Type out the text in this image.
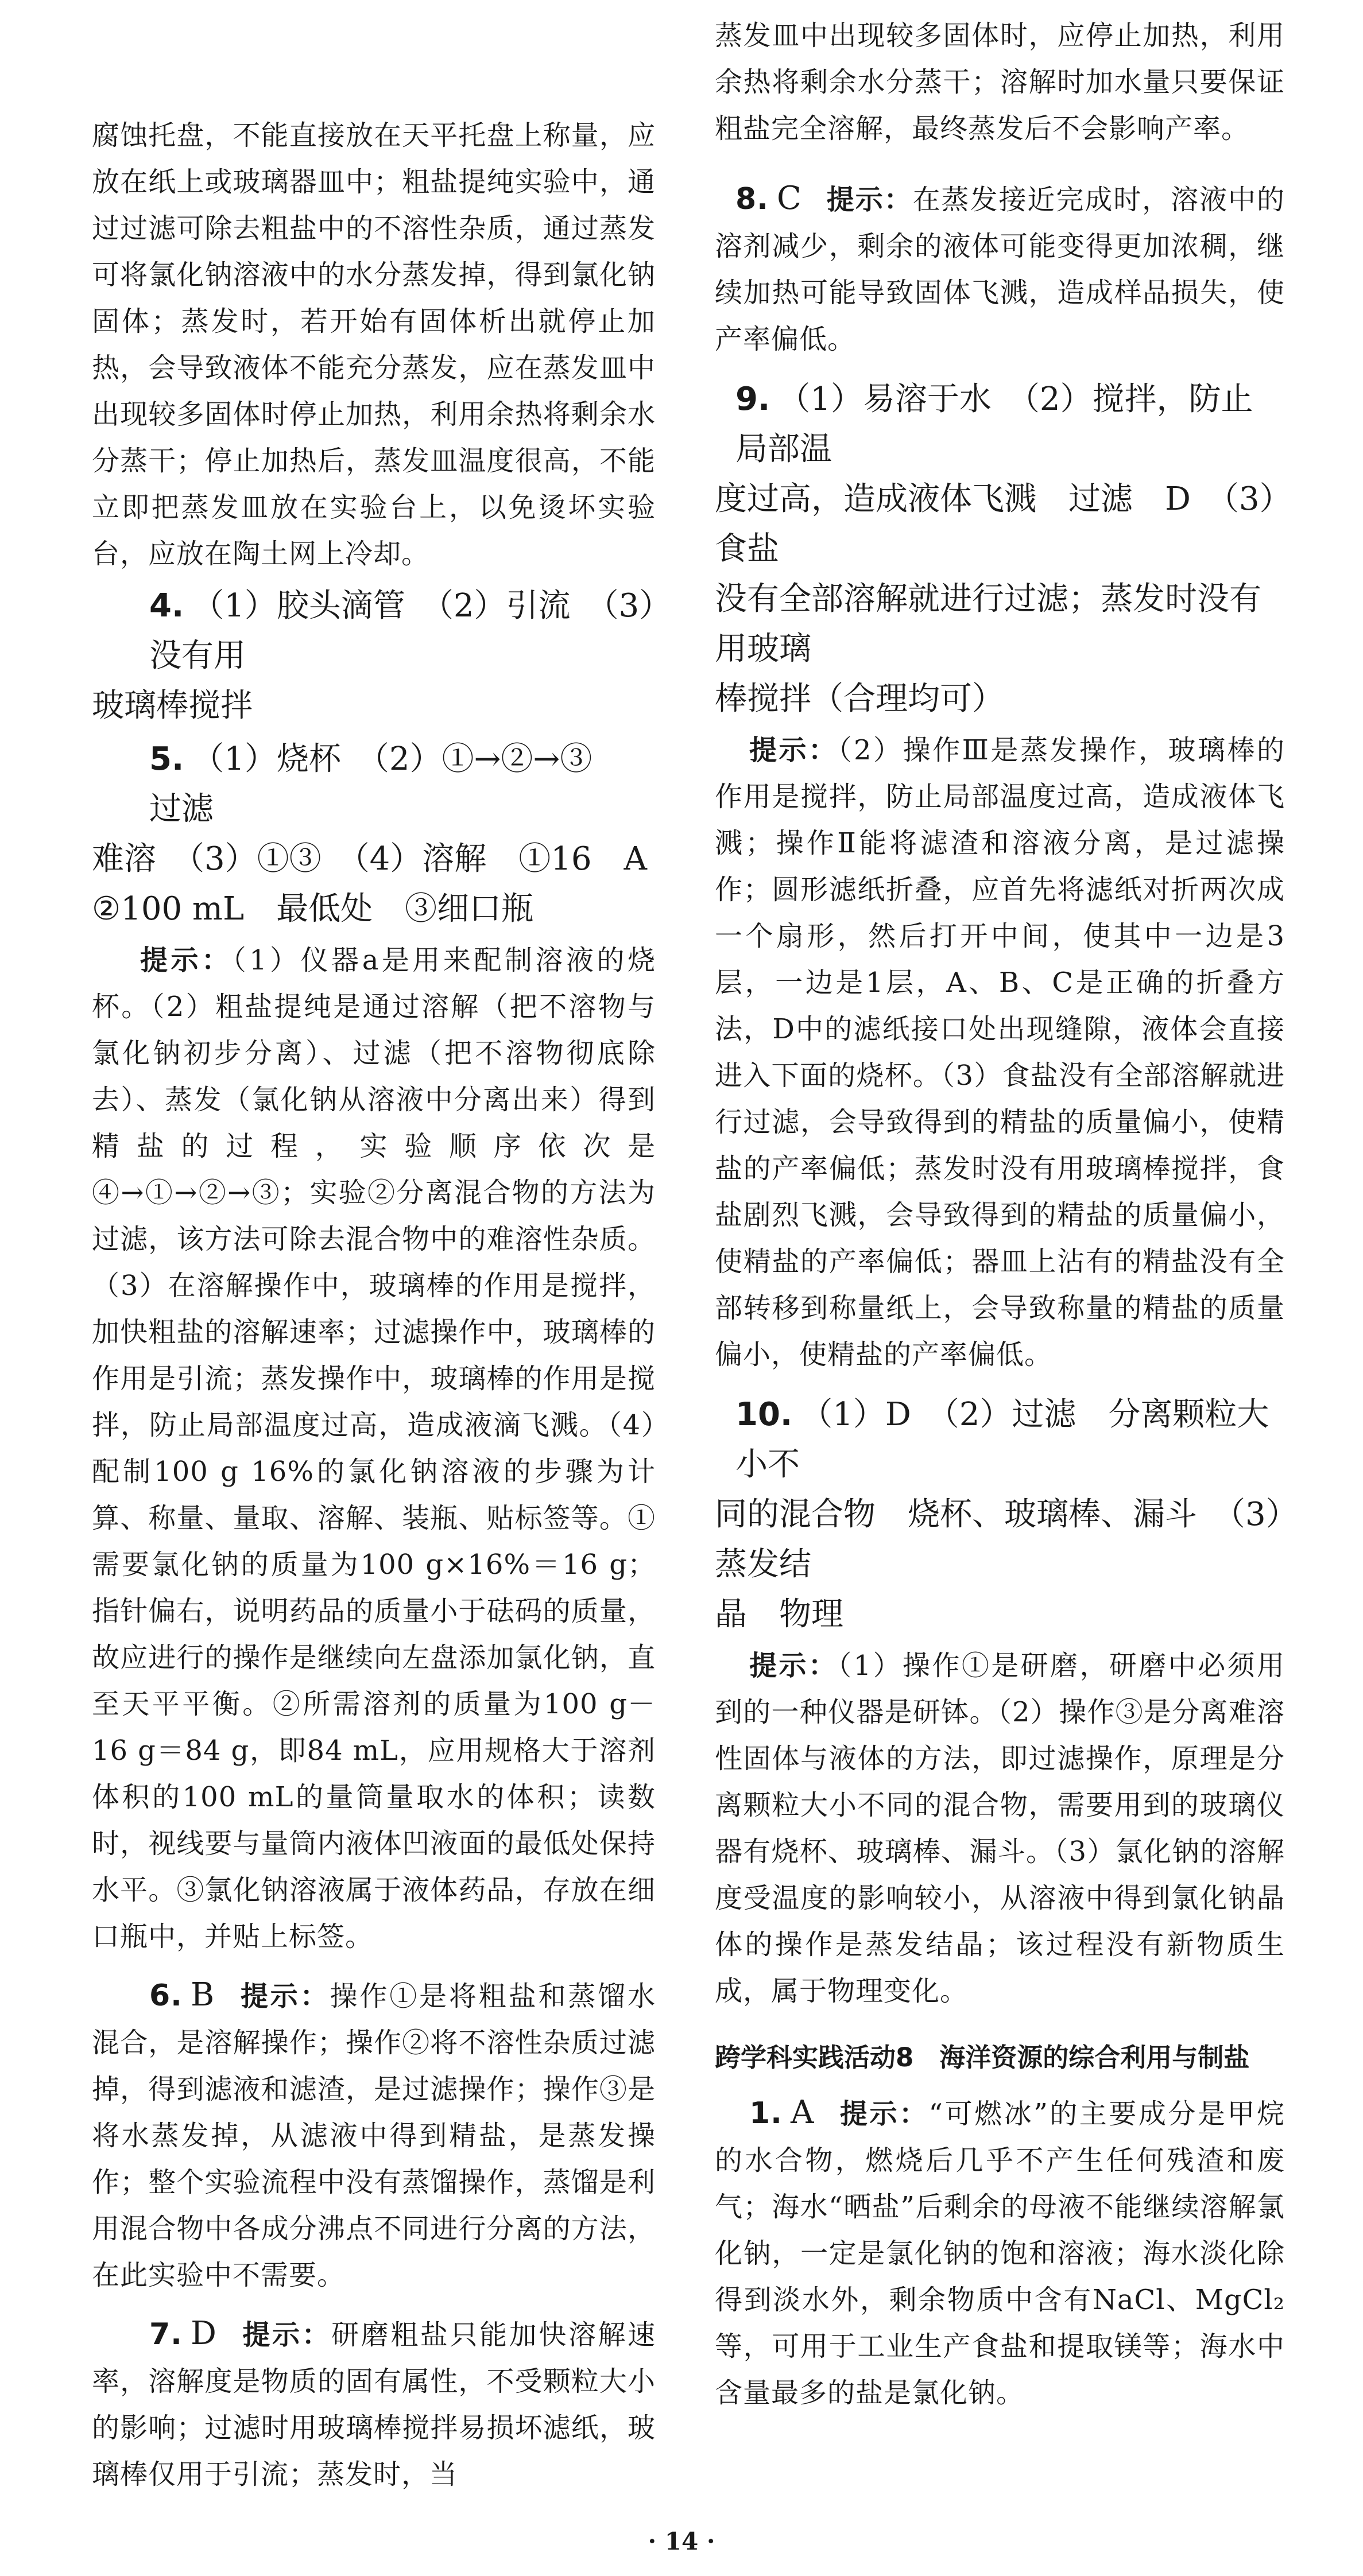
腐蚀托盘，不能直接放在天平托盘上称量，应放在纸上或玻璃器皿中；粗盐提纯实验中，通过过滤可除去粗盐中的不溶性杂质，通过蒸发可将氯化钠溶液中的水分蒸发掉，得到氯化钠固体；蒸发时，若开始有固体析出就停止加热，会导致液体不能充分蒸发，应在蒸发皿中出现较多固体时停止加热，利用余热将剩余水分蒸干；停止加热后，蒸发皿温度很高，不能立即把蒸发皿放在实验台上，以免烫坏实验台，应放在陶土网上冷却。

4. （1）胶头滴管　（2）引流　（3）没有用
玻璃棒搅拌
5. （1）烧杯　（2）①→②→③　过滤
难溶　（3）①③　（4）溶解　①16　A
②100 mL　最低处　③细口瓶

提示：（1）仪器a是用来配制溶液的烧杯。（2）粗盐提纯是通过溶解（把不溶物与氯化钠初步分离）、过滤（把不溶物彻底除去）、蒸发（氯化钠从溶液中分离出来）得到精盐的过程，实验顺序依次是④→①→②→③；实验②分离混合物的方法为过滤，该方法可除去混合物中的难溶性杂质。（3）在溶解操作中，玻璃棒的作用是搅拌，加快粗盐的溶解速率；过滤操作中，玻璃棒的作用是引流；蒸发操作中，玻璃棒的作用是搅拌，防止局部温度过高，造成液滴飞溅。（4）配制100 g 16%的氯化钠溶液的步骤为计算、称量、量取、溶解、装瓶、贴标签等。①需要氯化钠的质量为100 g×16%＝16 g；指针偏右，说明药品的质量小于砝码的质量，故应进行的操作是继续向左盘添加氯化钠，直至天平平衡。②所需溶剂的质量为100 g－16 g＝84 g，即84 mL，应用规格大于溶剂体积的100 mL的量筒量取水的体积；读数时，视线要与量筒内液体凹液面的最低处保持水平。③氯化钠溶液属于液体药品，存放在细口瓶中，并贴上标签。

6. B 提示：操作①是将粗盐和蒸馏水混合，是溶解操作；操作②将不溶性杂质过滤掉，得到滤液和滤渣，是过滤操作；操作③是将水蒸发掉，从滤液中得到精盐，是蒸发操作；整个实验流程中没有蒸馏操作，蒸馏是利用混合物中各成分沸点不同进行分离的方法，在此实验中不需要。

7. D 提示：研磨粗盐只能加快溶解速率，溶解度是物质的固有属性，不受颗粒大小的影响；过滤时用玻璃棒搅拌易损坏滤纸，玻璃棒仅用于引流；蒸发时，当

蒸发皿中出现较多固体时，应停止加热，利用余热将剩余水分蒸干；溶解时加水量只要保证粗盐完全溶解，最终蒸发后不会影响产率。

8. C 提示：在蒸发接近完成时，溶液中的溶剂减少，剩余的液体可能变得更加浓稠，继续加热可能导致固体飞溅，造成样品损失，使产率偏低。

9. （1）易溶于水　（2）搅拌，防止局部温
度过高，造成液体飞溅　过滤　D　（3）食盐
没有全部溶解就进行过滤；蒸发时没有用玻璃
棒搅拌（合理均可）

提示：（2）操作Ⅲ是蒸发操作，玻璃棒的作用是搅拌，防止局部温度过高，造成液体飞溅；操作Ⅱ能将滤渣和溶液分离，是过滤操作；圆形滤纸折叠，应首先将滤纸对折两次成一个扇形，然后打开中间，使其中一边是3层，一边是1层，A、B、C是正确的折叠方法，D中的滤纸接口处出现缝隙，液体会直接进入下面的烧杯。（3）食盐没有全部溶解就进行过滤，会导致得到的精盐的质量偏小，使精盐的产率偏低；蒸发时没有用玻璃棒搅拌，食盐剧烈飞溅，会导致得到的精盐的质量偏小，使精盐的产率偏低；器皿上沾有的精盐没有全部转移到称量纸上，会导致称量的精盐的质量偏小，使精盐的产率偏低。

10. （1）D　（2）过滤　分离颗粒大小不
同的混合物　烧杯、玻璃棒、漏斗　（3）蒸发结
晶　物理

提示：（1）操作①是研磨，研磨中必须用到的一种仪器是研钵。（2）操作③是分离难溶性固体与液体的方法，即过滤操作，原理是分离颗粒大小不同的混合物，需要用到的玻璃仪器有烧杯、玻璃棒、漏斗。（3）氯化钠的溶解度受温度的影响较小，从溶液中得到氯化钠晶体的操作是蒸发结晶；该过程没有新物质生成，属于物理变化。

跨学科实践活动8　海洋资源的综合利用与制盐

1. A 提示：“可燃冰”的主要成分是甲烷的水合物，燃烧后几乎不产生任何残渣和废气；海水“晒盐”后剩余的母液不能继续溶解氯化钠，一定是氯化钠的饱和溶液；海水淡化除得到淡水外，剩余物质中含有NaCl、MgCl₂等，可用于工业生产食盐和提取镁等；海水中含量最多的盐是氯化钠。

· 14 ·
